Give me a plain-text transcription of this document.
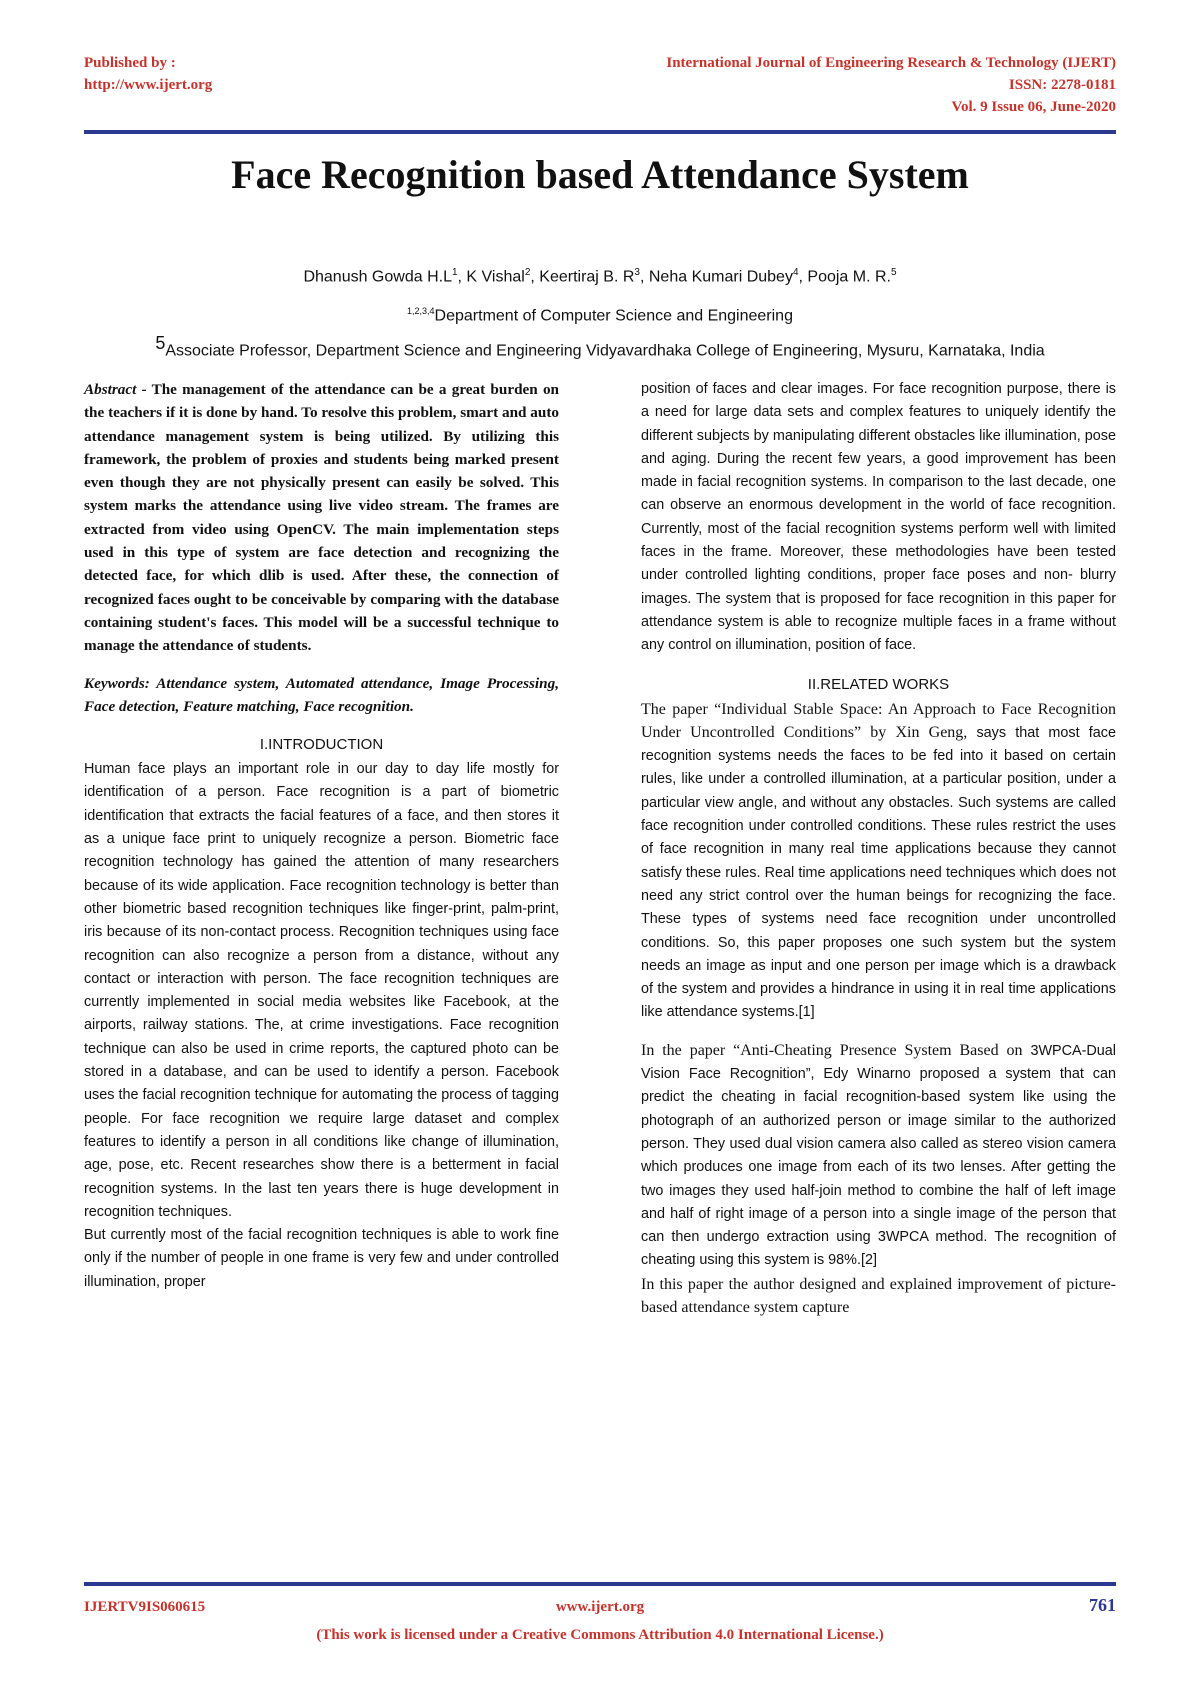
Published by :
http://www.ijert.org
International Journal of Engineering Research & Technology (IJERT)
ISSN: 2278-0181
Vol. 9 Issue 06, June-2020
Face Recognition based Attendance System
Dhanush Gowda $H.L^1$, K Vishal$^2$, Keertiraj B. $R^3$, Neha Kumari Dubey$^4$, Pooja M. R.$^5$
$^{1,2,3,4}$Department of Computer Science and Engineering
$^5$Associate Professor, Department Science and Engineering Vidyavardhaka College of Engineering, Mysuru, Karnataka, India

Abstract - The management of the attendance can be a great burden on the teachers if it is done by hand. To resolve this problem, smart and auto attendance management system is being utilized. By utilizing this framework, the problem of proxies and students being marked present even though they are not physically present can easily be solved. This system marks the attendance using live video stream. The frames are extracted from video using OpenCV. The main implementation steps used in this type of system are face detection and recognizing the detected face, for which dlib is used. After these, the connection of recognized faces ought to be conceivable by comparing with the database containing student's faces. This model will be a successful technique to manage the attendance of students.

Keywords: Attendance system, Automated attendance, Image Processing, Face detection, Feature matching, Face recognition.

I.INTRODUCTION

Human face plays an important role in our day to day life mostly for identification of a person. Face recognition is a part of biometric identification that extracts the facial features of a face, and then stores it as a unique face print to uniquely recognize a person. Biometric face recognition technology has gained the attention of many researchers because of its wide application. Face recognition technology is better than other biometric based recognition techniques like finger-print, palm-print, iris because of its non-contact process. Recognition techniques using face recognition can also recognize a person from a distance, without any contact or interaction with person. The face recognition techniques are currently implemented in social media websites like Facebook, at the airports, railway stations. The, at crime investigations. Face recognition technique can also be used in crime reports, the captured photo can be stored in a database, and can be used to identify a person. Facebook uses the facial recognition technique for automating the process of tagging people. For face recognition we require large dataset and complex features to identify a person in all conditions like change of illumination, age, pose, etc. Recent researches show there is a betterment in facial recognition systems. In the last ten years there is huge development in recognition techniques.

But currently most of the facial recognition techniques is able to work fine only if the number of people in one frame is very few and under controlled illumination, proper

position of faces and clear images. For face recognition purpose, there is a need for large data sets and complex features to uniquely identify the different subjects by manipulating different obstacles like illumination, pose and aging. During the recent few years, a good improvement has been made in facial recognition systems. In comparison to the last decade, one can observe an enormous development in the world of face recognition. Currently, most of the facial recognition systems perform well with limited faces in the frame. Moreover, these methodologies have been tested under controlled lighting conditions, proper face poses and non- blurry images. The system that is proposed for face recognition in this paper for attendance system is able to recognize multiple faces in a frame without any control on illumination, position of face.

II.RELATED WORKS

The paper “Individual Stable Space: An Approach to Face Recognition Under Uncontrolled Conditions” by Xin Geng, says that most face recognition systems needs the faces to be fed into it based on certain rules, like under a controlled illumination, at a particular position, under a particular view angle, and without any obstacles. Such systems are called face recognition under controlled conditions. These rules restrict the uses of face recognition in many real time applications because they cannot satisfy these rules. Real time applications need techniques which does not need any strict control over the human beings for recognizing the face. These types of systems need face recognition under uncontrolled conditions. So, this paper proposes one such system but the system needs an image as input and one person per image which is a drawback of the system and provides a hindrance in using it in real time applications like attendance systems.[1]

In the paper “Anti-Cheating Presence System Based on 3WPCA-Dual Vision Face Recognition”, Edy Winarno proposed a system that can predict the cheating in facial recognition-based system like using the photograph of an authorized person or image similar to the authorized person. They used dual vision camera also called as stereo vision camera which produces one image from each of its two lenses. After getting the two images they used half-join method to combine the half of left image and half of right image of a person into a single image of the person that can then undergo extraction using 3WPCA method. The recognition of cheating using this system is 98%.[2]

In this paper the author designed and explained improvement of picture-based attendance system capture

IJERTV9IS060615	www.ijert.org	761
(This work is licensed under a Creative Commons Attribution 4.0 International License.)
